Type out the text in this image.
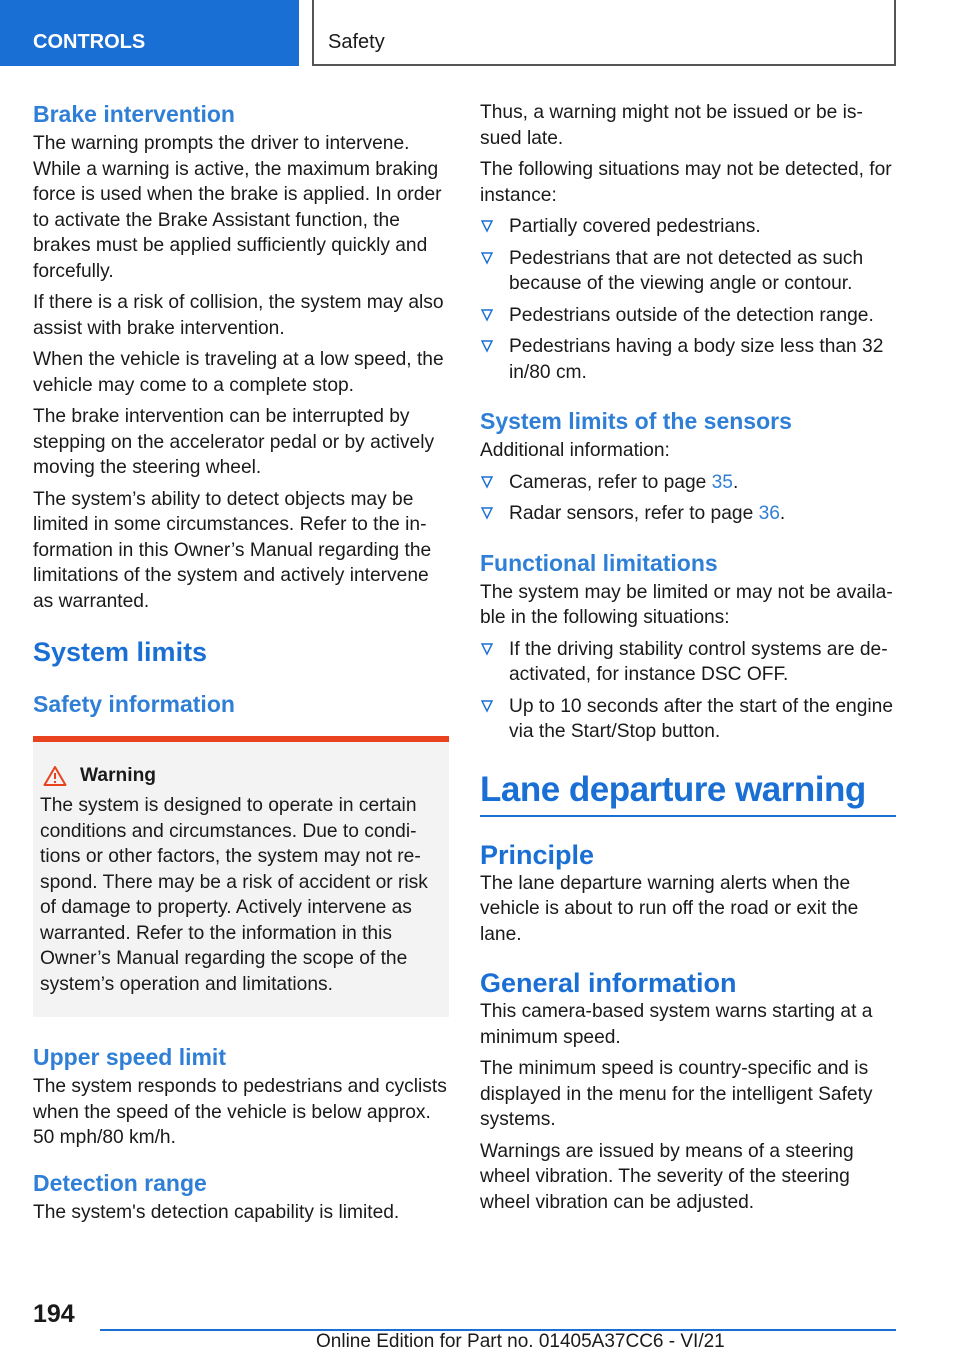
CONTROLS	Safety
Brake intervention

The warning prompts the driver to intervene. While a warning is active, the maximum braking force is used when the brake is applied. In order to activate the Brake Assistant function, the brakes must be applied sufficiently quickly and forcefully.

If there is a risk of collision, the system may also assist with brake intervention.

When the vehicle is traveling at a low speed, the vehicle may come to a complete stop.

The brake intervention can be interrupted by stepping on the accelerator pedal or by actively moving the steering wheel.

The system’s ability to detect objects may be limited in some circumstances. Refer to the information in this Owner’s Manual regarding the limitations of the system and actively intervene as warranted.

System limits
Safety information
Warning

The system is designed to operate in certain conditions and circumstances. Due to conditions or other factors, the system may not respond. There may be a risk of accident or risk of damage to property. Actively intervene as warranted. Refer to the information in this Owner’s Manual regarding the scope of the system’s operation and limitations.

Upper speed limit

The system responds to pedestrians and cyclists when the speed of the vehicle is below approx. 50 mph/80 km/h.

Detection range

The system's detection capability is limited.

Thus, a warning might not be issued or be issued late.

The following situations may not be detected, for instance:

Partially covered pedestrians.
Pedestrians that are not detected as such because of the viewing angle or contour.
Pedestrians outside of the detection range.
Pedestrians having a body size less than 32 in/80 cm.
System limits of the sensors

Additional information:

Cameras, refer to page 35.
Radar sensors, refer to page 36.
Functional limitations

The system may be limited or may not be available in the following situations:

If the driving stability control systems are deactivated, for instance DSC OFF.
Up to 10 seconds after the start of the engine via the Start/Stop button.
Lane departure warning
Principle

The lane departure warning alerts when the vehicle is about to run off the road or exit the lane.

General information

This camera-based system warns starting at a minimum speed.

The minimum speed is country-specific and is displayed in the menu for the intelligent Safety systems.

Warnings are issued by means of a steering wheel vibration. The severity of the steering wheel vibration can be adjusted.

194
Online Edition for Part no. 01405A37CC6 - VI/21
